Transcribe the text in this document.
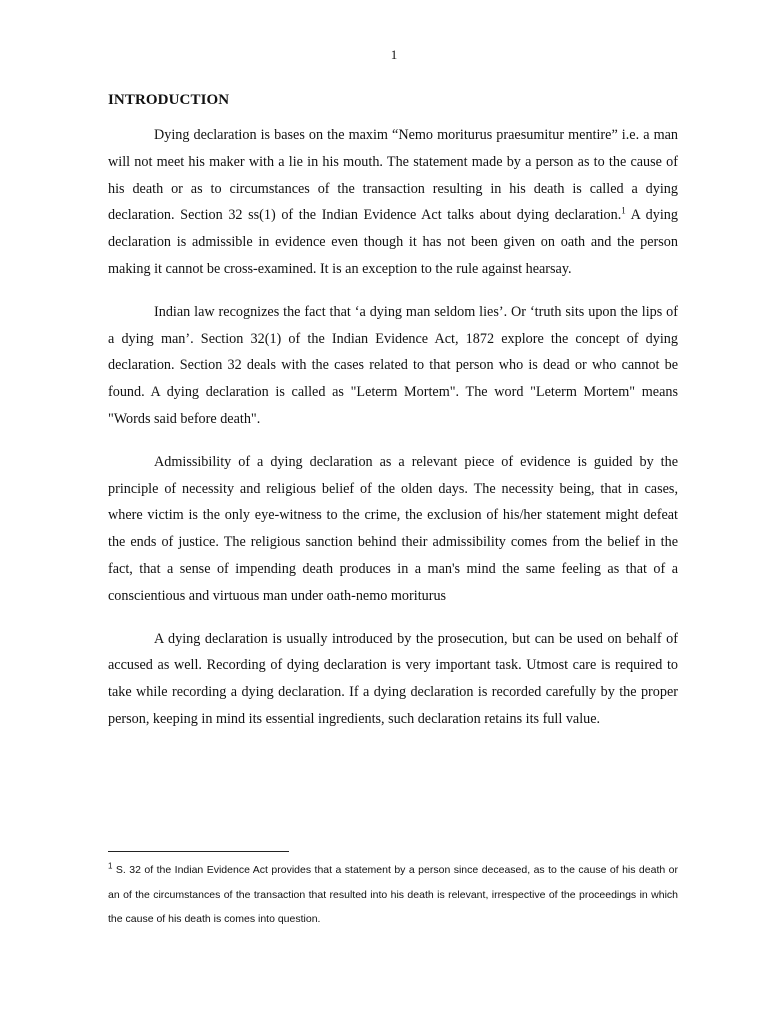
1
INTRODUCTION

Dying declaration is bases on the maxim “Nemo moriturus praesumitur mentire” i.e. a man will not meet his maker with a lie in his mouth. The statement made by a person as to the cause of his death or as to circumstances of the transaction resulting in his death is called a dying declaration. Section 32 ss(1) of the Indian Evidence Act talks about dying declaration.$^1$ A dying declaration is admissible in evidence even though it has not been given on oath and the person making it cannot be cross-examined. It is an exception to the rule against hearsay.

Indian law recognizes the fact that ‘a dying man seldom lies’. Or ‘truth sits upon the lips of a dying man’. Section 32(1) of the Indian Evidence Act, 1872 explore the concept of dying declaration. Section 32 deals with the cases related to that person who is dead or who cannot be found. A dying declaration is called as "Leterm Mortem". The word "Leterm Mortem" means "Words said before death".

Admissibility of a dying declaration as a relevant piece of evidence is guided by the principle of necessity and religious belief of the olden days. The necessity being, that in cases, where victim is the only eye-witness to the crime, the exclusion of his/her statement might defeat the ends of justice. The religious sanction behind their admissibility comes from the belief in the fact, that a sense of impending death produces in a man's mind the same feeling as that of a conscientious and virtuous man under oath-nemo moriturus

A dying declaration is usually introduced by the prosecution, but can be used on behalf of accused as well. Recording of dying declaration is very important task. Utmost care is required to take while recording a dying declaration. If a dying declaration is recorded carefully by the proper person, keeping in mind its essential ingredients, such declaration retains its full value.

$^1$ S. 32 of the Indian Evidence Act provides that a statement by a person since deceased, as to the cause of his death or an of the circumstances of the transaction that resulted into his death is relevant, irrespective of the proceedings in which the cause of his death is comes into question.
